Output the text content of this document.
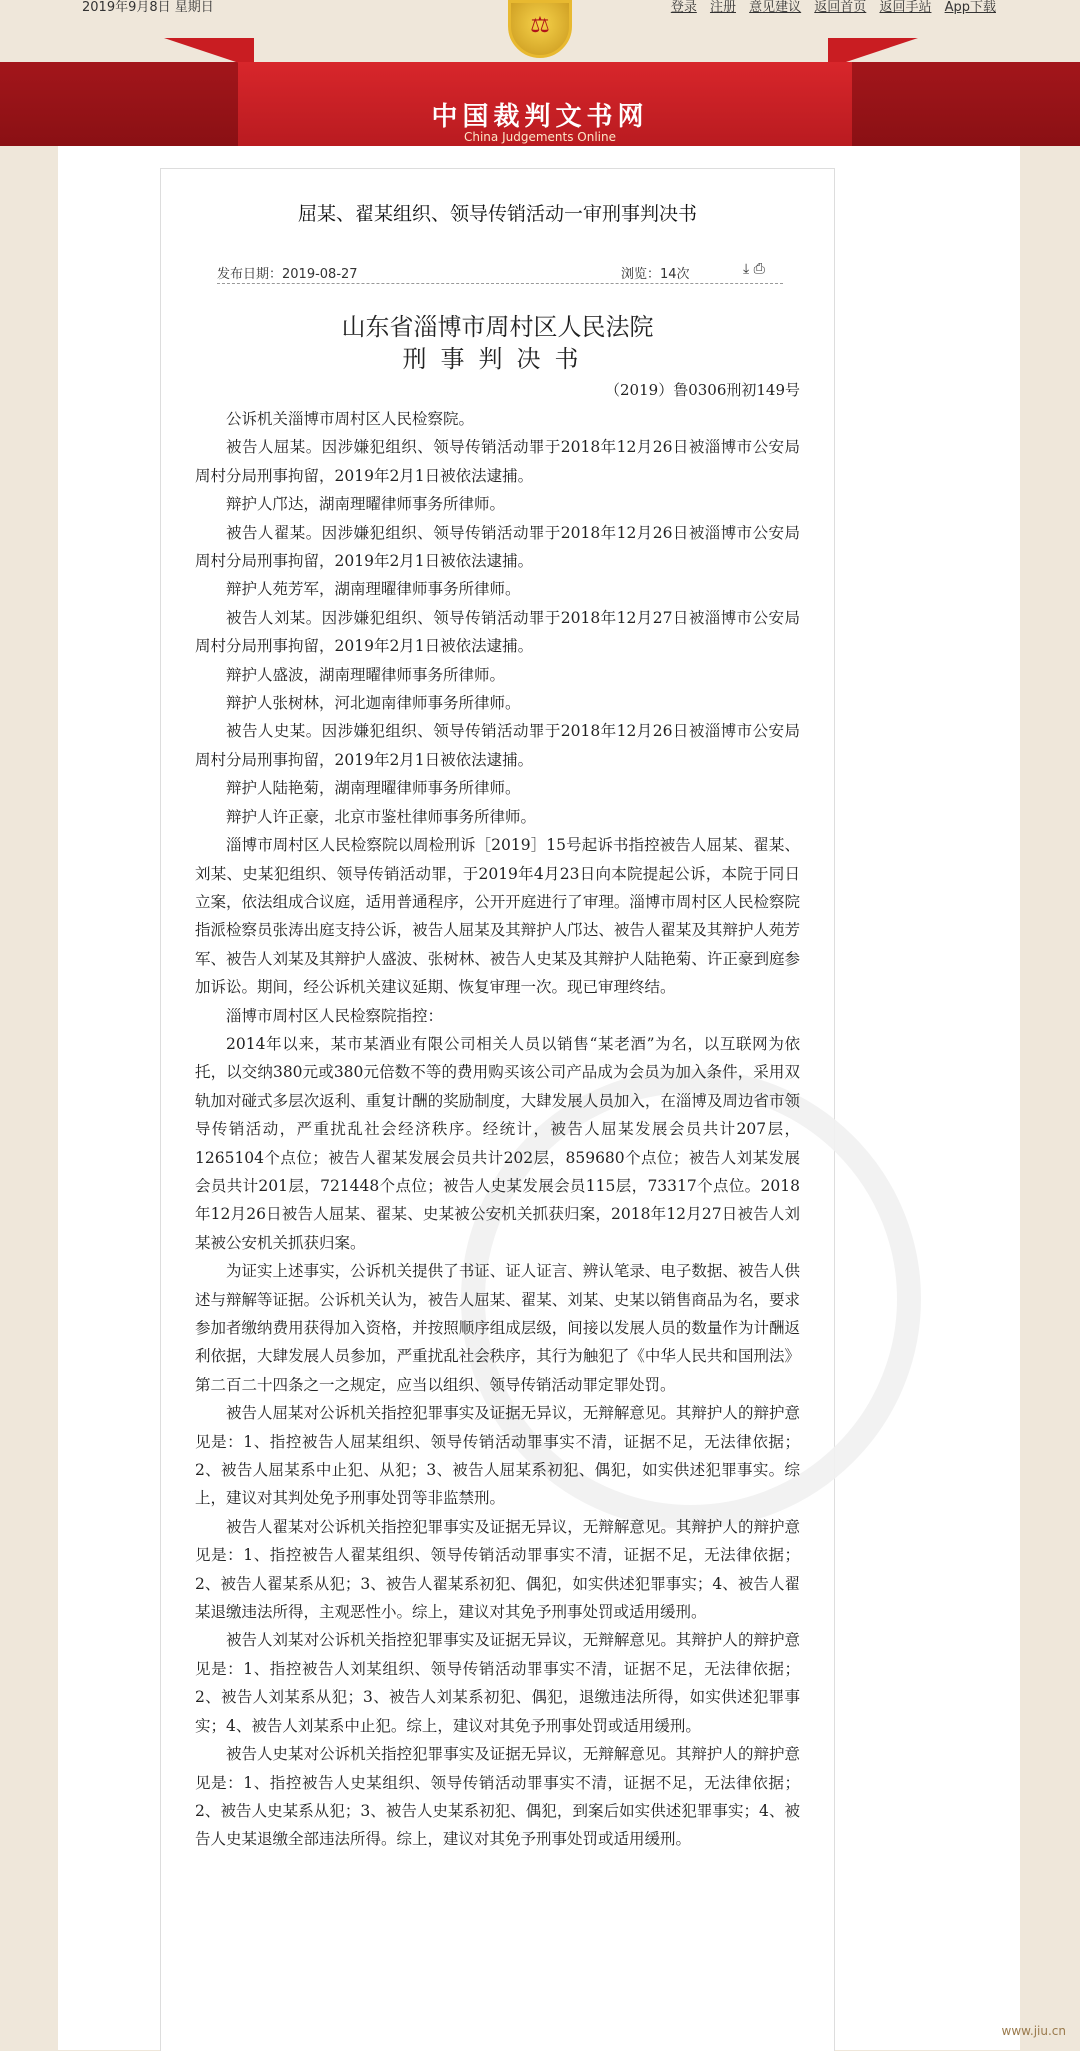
2019年9月8日 星期日	登录 注册 意见建议 返回首页 返回手站 App下载
⚖
中国裁判文书网
China Judgements Online
屈某、翟某组织、领导传销活动一审刑事判决书
发布日期：2019-08-27	浏览：14次	⤓ ⎙
山东省淄博市周村区人民法院
刑事判决书
（2019）鲁0306刑初149号

公诉机关淄博市周村区人民检察院。

被告人屈某。因涉嫌犯组织、领导传销活动罪于2018年12月26日被淄博市公安局周村分局刑事拘留，2019年2月1日被依法逮捕。

辩护人邝达，湖南理曜律师事务所律师。

被告人翟某。因涉嫌犯组织、领导传销活动罪于2018年12月26日被淄博市公安局周村分局刑事拘留，2019年2月1日被依法逮捕。

辩护人苑芳军，湖南理曜律师事务所律师。

被告人刘某。因涉嫌犯组织、领导传销活动罪于2018年12月27日被淄博市公安局周村分局刑事拘留，2019年2月1日被依法逮捕。

辩护人盛波，湖南理曜律师事务所律师。

辩护人张树林，河北迦南律师事务所律师。

被告人史某。因涉嫌犯组织、领导传销活动罪于2018年12月26日被淄博市公安局周村分局刑事拘留，2019年2月1日被依法逮捕。

辩护人陆艳菊，湖南理曜律师事务所律师。

辩护人许正豪，北京市鉴杜律师事务所律师。

淄博市周村区人民检察院以周检刑诉［2019］15号起诉书指控被告人屈某、翟某、刘某、史某犯组织、领导传销活动罪，于2019年4月23日向本院提起公诉，本院于同日立案，依法组成合议庭，适用普通程序，公开开庭进行了审理。淄博市周村区人民检察院指派检察员张涛出庭支持公诉，被告人屈某及其辩护人邝达、被告人翟某及其辩护人苑芳军、被告人刘某及其辩护人盛波、张树林、被告人史某及其辩护人陆艳菊、许正豪到庭参加诉讼。期间，经公诉机关建议延期、恢复审理一次。现已审理终结。

淄博市周村区人民检察院指控：

2014年以来，某市某酒业有限公司相关人员以销售“某老酒”为名，以互联网为依托，以交纳380元或380元倍数不等的费用购买该公司产品成为会员为加入条件，采用双轨加对碰式多层次返利、重复计酬的奖励制度，大肆发展人员加入，在淄博及周边省市领导传销活动，严重扰乱社会经济秩序。经统计，被告人屈某发展会员共计207层，1265104个点位；被告人翟某发展会员共计202层，859680个点位；被告人刘某发展会员共计201层，721448个点位；被告人史某发展会员115层，73317个点位。2018年12月26日被告人屈某、翟某、史某被公安机关抓获归案，2018年12月27日被告人刘某被公安机关抓获归案。

为证实上述事实，公诉机关提供了书证、证人证言、辨认笔录、电子数据、被告人供述与辩解等证据。公诉机关认为，被告人屈某、翟某、刘某、史某以销售商品为名，要求参加者缴纳费用获得加入资格，并按照顺序组成层级，间接以发展人员的数量作为计酬返利依据，大肆发展人员参加，严重扰乱社会秩序，其行为触犯了《中华人民共和国刑法》第二百二十四条之一之规定，应当以组织、领导传销活动罪定罪处罚。

被告人屈某对公诉机关指控犯罪事实及证据无异议，无辩解意见。其辩护人的辩护意见是：1、指控被告人屈某组织、领导传销活动罪事实不清，证据不足，无法律依据；2、被告人屈某系中止犯、从犯；3、被告人屈某系初犯、偶犯，如实供述犯罪事实。综上，建议对其判处免予刑事处罚等非监禁刑。

被告人翟某对公诉机关指控犯罪事实及证据无异议，无辩解意见。其辩护人的辩护意见是：1、指控被告人翟某组织、领导传销活动罪事实不清，证据不足，无法律依据；2、被告人翟某系从犯；3、被告人翟某系初犯、偶犯，如实供述犯罪事实；4、被告人翟某退缴违法所得，主观恶性小。综上，建议对其免予刑事处罚或适用缓刑。

被告人刘某对公诉机关指控犯罪事实及证据无异议，无辩解意见。其辩护人的辩护意见是：1、指控被告人刘某组织、领导传销活动罪事实不清，证据不足，无法律依据；2、被告人刘某系从犯；3、被告人刘某系初犯、偶犯，退缴违法所得，如实供述犯罪事实；4、被告人刘某系中止犯。综上，建议对其免予刑事处罚或适用缓刑。

被告人史某对公诉机关指控犯罪事实及证据无异议，无辩解意见。其辩护人的辩护意见是：1、指控被告人史某组织、领导传销活动罪事实不清，证据不足，无法律依据；2、被告人史某系从犯；3、被告人史某系初犯、偶犯，到案后如实供述犯罪事实；4、被告人史某退缴全部违法所得。综上，建议对其免予刑事处罚或适用缓刑。

www.jiu.cn
